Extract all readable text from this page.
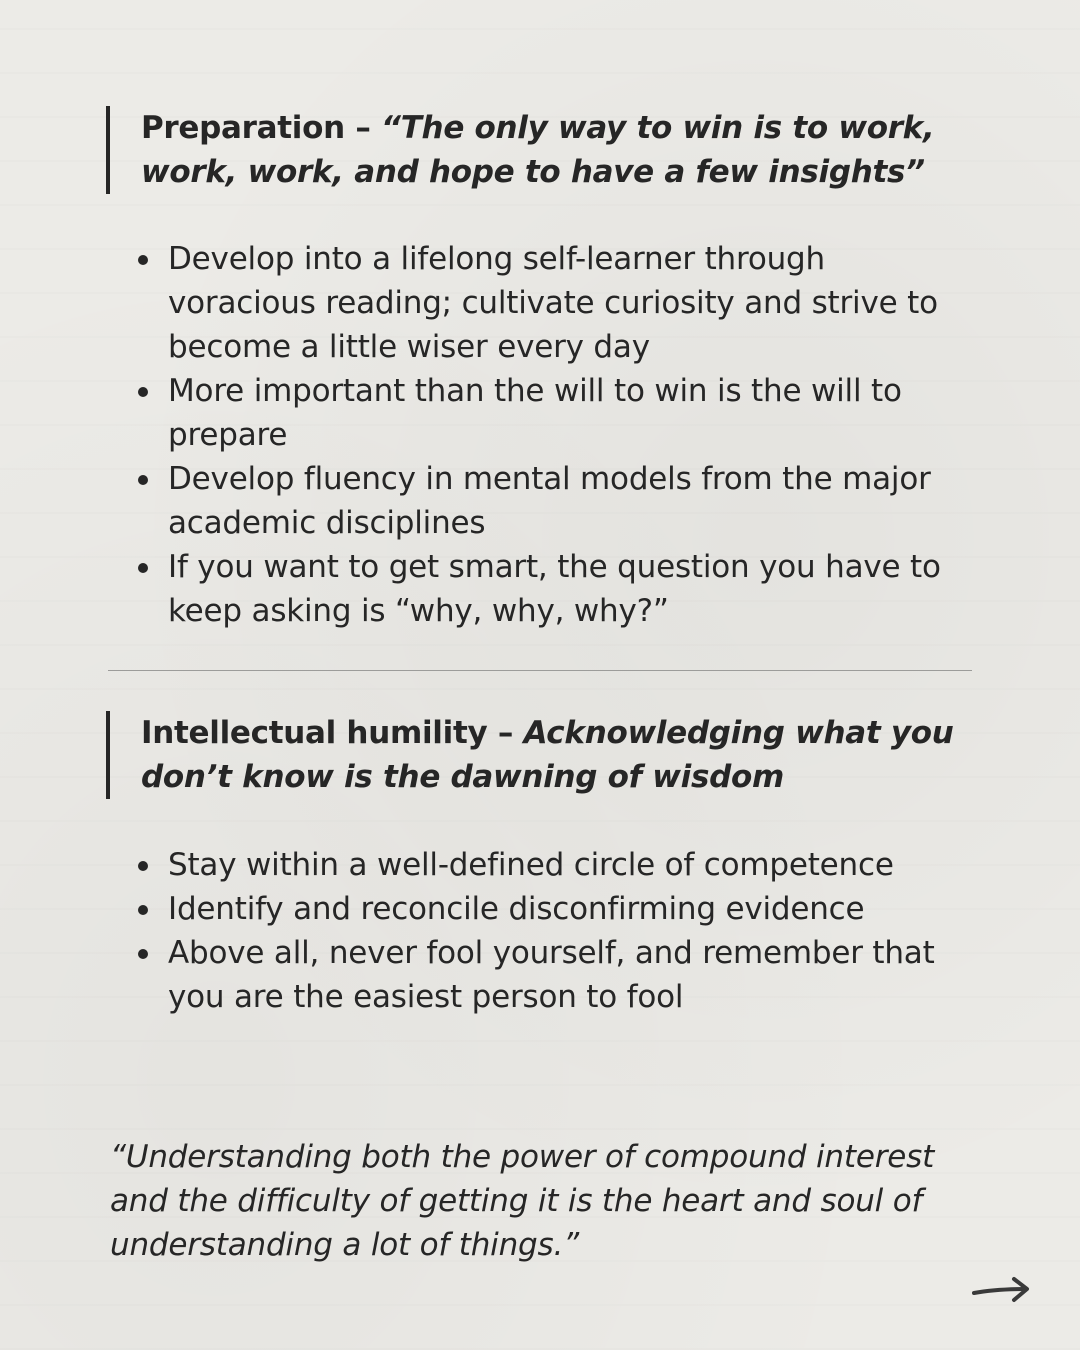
Preparation – “The only way to win is to work, work, work, and hope to have a few insights”
Develop into a lifelong self-learner through voracious reading; cultivate curiosity and strive to become a little wiser every day
More important than the will to win is the will to prepare
Develop fluency in mental models from the major academic disciplines
If you want to get smart, the question you have to keep asking is “why, why, why?”
Intellectual humility – Acknowledging what you don’t know is the dawning of wisdom
Stay within a well-defined circle of competence
Identify and reconcile disconfirming evidence
Above all, never fool yourself, and remember that you are the easiest person to fool
“Understanding both the power of compound interest and the difficulty of getting it is the heart and soul of understanding a lot of things.”
